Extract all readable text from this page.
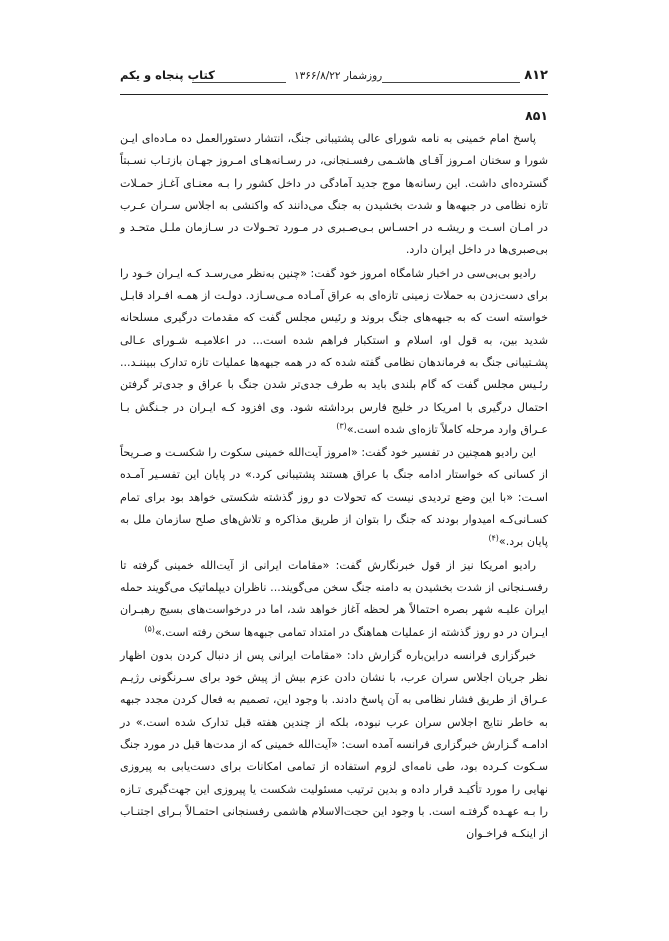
۸۱۲
روزشمار ۱۳۶۶/۸/۲۲
کتاب پنجاه و یکم
۸۵۱

پاسخ امام خمینی به نامه شورای عالی پشتیبانی جنگ، انتشار دستورالعمل ده مـاده‌ای ایـن شورا و سخنان امـروز آقـای هاشـمی رفسـنجانی، در رسـانه‌هـای امـروز جهـان بازتـاب نسـبتاً گسترده‌ای داشت. این رسانه‌ها موج جدید آمادگی در داخل کشور را بـه معنـای آغـاز حمـلات تازه نظامی در جبهه‌ها و شدت بخشیدن به جنگ می‌دانند که واکنشی به اجلاس سـران عـرب در امـان اسـت و ریشـه در احسـاس بـی‌صـبری در مـورد تحـولات در سـازمان ملـل متحـد و بی‌صبری‌ها در داخل ایران دارد.

رادیو بی‌بی‌سی در اخبار شامگاه امروز خود گفت: «چنین به‌نظر می‌رسـد کـه ایـران خـود را برای دست‌زدن به حملات زمینی تازه‌ای به عراق آمـاده مـی‌سـازد. دولـت از همـه افـراد قابـل خواسته است که به جبهه‌های جنگ بروند و رئیس مجلس گفت که مقدمات درگیری مسلحانه شدید بین، به قول او، اسلام و استکبار فراهم شده است... در اعلامیـه شـورای عـالی پشـتیبانی جنگ به فرماندهان نظامی گفته شده که در همه جبهه‌ها عملیات تازه تدارک ببیننـد... رئـیس مجلس گفت که گام بلندی باید به طرف جدی‌تر شدن جنگ با عراق و جدی‌تر گرفتن احتمال درگیری با امریکا در خلیج فارس برداشته شود. وی افزود کـه ایـران در جـنگش بـا عـراق وارد مرحله کاملاً تازه‌ای شده است.»$^{(۳)}$

این رادیو همچنین در تفسیر خود گفت: «امروز آیت‌الله خمینی سکوت را شکسـت و صـریحاً از کسانی که خواستار ادامه جنگ با عراق هستند پشتیبانی کرد.» در پایان این تفسـیر آمـده اسـت: «با این وضع تردیدی نیست که تحولات دو روز گذشته شکستی خواهد بود برای تمام کسـانی‌کـه امیدوار بودند که جنگ را بتوان از طریق مذاکره و تلاش‌های صلح سازمان ملل به پایان برد.»$^{(۴)}$

رادیو امریکا نیز از قول خبرنگارش گفت: «مقامات ایرانی از آیت‌الله خمینی گرفته تا رفسـنجانی از شدت بخشیدن به دامنه جنگ سخن می‌گویند... ناظران دیپلماتیک می‌گویند حمله ایران علیـه شهر بصره احتمالاً هر لحظه آغاز خواهد شد، اما در درخواست‌های بسیج رهبـران ایـران در دو روز گذشته از عملیات هماهنگ در امتداد تمامی جبهه‌ها سخن رفته است.»$^{(۵)}$

خبرگزاری فرانسه دراین‌باره گزارش داد: «مقامات ایرانی پس از دنبال کردن بدون اظهار نظر جریان اجلاس سران عرب، با نشان دادن عزم بیش از پیش خود برای سـرنگونی رژیـم عـراق از طریق فشار نظامی به آن پاسخ دادند. با وجود این، تصمیم به فعال کردن مجدد جبهه به خاطر نتایج اجلاس سران عرب نبوده، بلکه از چندین هفته قبل تدارک شده است.» در ادامـه گـزارش خبرگزاری فرانسه آمده است: «آیت‌الله خمینی که از مدت‌ها قبل در مورد جنگ سـکوت کـرده بود، طی نامه‌ای لزوم استفاده از تمامی امکانات برای دست‌یابی به پیروزی نهایی را مورد تأکیـد قرار داده و بدین ترتیب مسئولیت شکست یا پیروزی این جهت‌گیری تـازه را بـه عهـده گرفتـه است. با وجود این حجت‌الاسلام هاشمی رفسنجانی احتمـالاً بـرای اجتنـاب از اینکـه فراخـوان
